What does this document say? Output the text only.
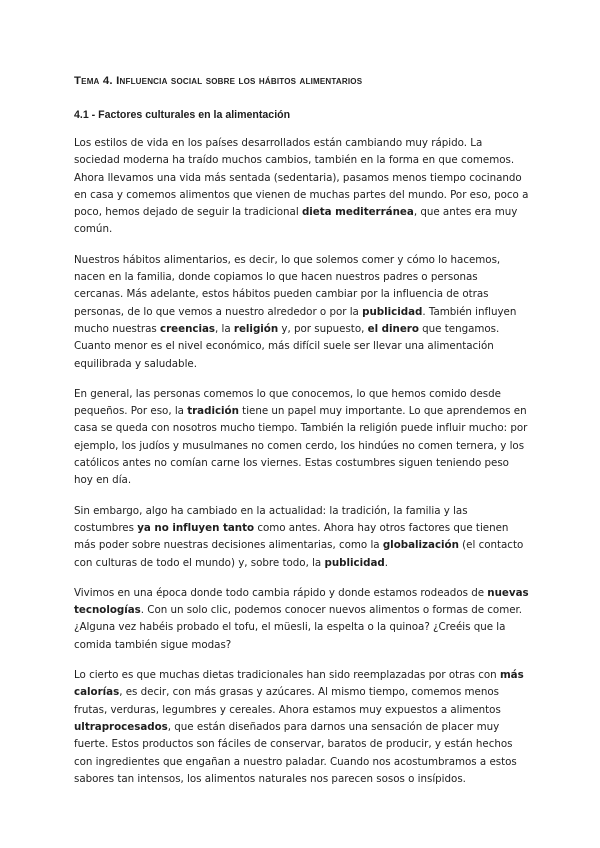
Tema 4. Influencia social sobre los hábitos alimentarios
4.1 - Factores culturales en la alimentación

Los estilos de vida en los países desarrollados están cambiando muy rápido. La sociedad moderna ha traído muchos cambios, también en la forma en que comemos. Ahora llevamos una vida más sentada (sedentaria), pasamos menos tiempo cocinando en casa y comemos alimentos que vienen de muchas partes del mundo. Por eso, poco a poco, hemos dejado de seguir la tradicional dieta mediterránea, que antes era muy común.

Nuestros hábitos alimentarios, es decir, lo que solemos comer y cómo lo hacemos, nacen en la familia, donde copiamos lo que hacen nuestros padres o personas cercanas. Más adelante, estos hábitos pueden cambiar por la influencia de otras personas, de lo que vemos a nuestro alrededor o por la publicidad. También influyen mucho nuestras creencias, la religión y, por supuesto, el dinero que tengamos. Cuanto menor es el nivel económico, más difícil suele ser llevar una alimentación equilibrada y saludable.

En general, las personas comemos lo que conocemos, lo que hemos comido desde pequeños. Por eso, la tradición tiene un papel muy importante. Lo que aprendemos en casa se queda con nosotros mucho tiempo. También la religión puede influir mucho: por ejemplo, los judíos y musulmanes no comen cerdo, los hindúes no comen ternera, y los católicos antes no comían carne los viernes. Estas costumbres siguen teniendo peso hoy en día.

Sin embargo, algo ha cambiado en la actualidad: la tradición, la familia y las costumbres ya no influyen tanto como antes. Ahora hay otros factores que tienen más poder sobre nuestras decisiones alimentarias, como la globalización (el contacto con culturas de todo el mundo) y, sobre todo, la publicidad.

Vivimos en una época donde todo cambia rápido y donde estamos rodeados de nuevas tecnologías. Con un solo clic, podemos conocer nuevos alimentos o formas de comer. ¿Alguna vez habéis probado el tofu, el müesli, la espelta o la quinoa? ¿Creéis que la comida también sigue modas?

Lo cierto es que muchas dietas tradicionales han sido reemplazadas por otras con más calorías, es decir, con más grasas y azúcares. Al mismo tiempo, comemos menos frutas, verduras, legumbres y cereales. Ahora estamos muy expuestos a alimentos ultraprocesados, que están diseñados para darnos una sensación de placer muy fuerte. Estos productos son fáciles de conservar, baratos de producir, y están hechos con ingredientes que engañan a nuestro paladar. Cuando nos acostumbramos a estos sabores tan intensos, los alimentos naturales nos parecen sosos o insípidos.
